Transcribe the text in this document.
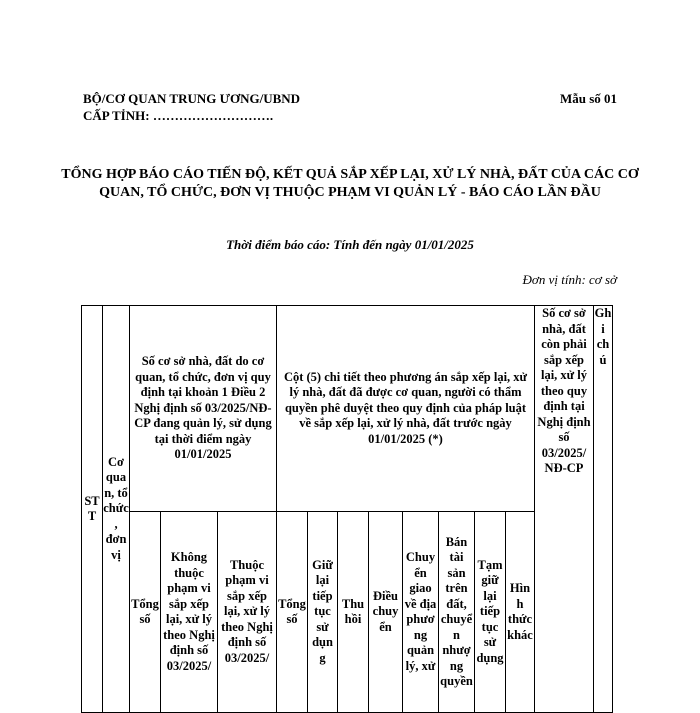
BỘ/CƠ QUAN TRUNG ƯƠNG/UBND
CẤP TỈNH: ……………………….
Mẫu số 01
TỔNG HỢP BÁO CÁO TIẾN ĐỘ, KẾT QUẢ SẮP XẾP LẠI, XỬ LÝ NHÀ, ĐẤT CỦA CÁC CƠ QUAN, TỔ CHỨC, ĐƠN VỊ THUỘC PHẠM VI QUẢN LÝ - BÁO CÁO LẦN ĐẦU
Thời điểm báo cáo: Tính đến ngày 01/01/2025
Đơn vị tính: cơ sở
STT	Cơ quan, tổ chức, đơn vị	Số cơ sở nhà, đất do cơ quan, tổ chức, đơn vị quy định tại khoản 1 Điều 2 Nghị định số 03/2025/NĐ-CP đang quản lý, sử dụng tại thời điểm ngày 01/01/2025			Cột (5) chi tiết theo phương án sắp xếp lại, xử lý nhà, đất đã được cơ quan, người có thẩm quyền phê duyệt theo quy định của pháp luật về sắp xếp lại, xử lý nhà, đất trước ngày 01/01/2025 (*)								Số cơ sở nhà, đất còn phải sắp xếp lại, xử lý theo quy định tại Nghị định số 03/2025/ NĐ-CP	Ghi chú
		Tổng số	Không thuộc phạm vi sắp xếp lại, xử lý theo Nghị định số 03/2025/	Thuộc phạm vi sắp xếp lại, xử lý theo Nghị định số 03/2025/	Tổng số	Giữ lại tiếp tục sử dụng	Thu hồi	Điều chuyển	Chuyển giao về địa phương quản lý, xử	Bán tài sản trên đất, chuyển nhượng quyền	Tạm giữ lại tiếp tục sử dụng	Hình thức khác		
